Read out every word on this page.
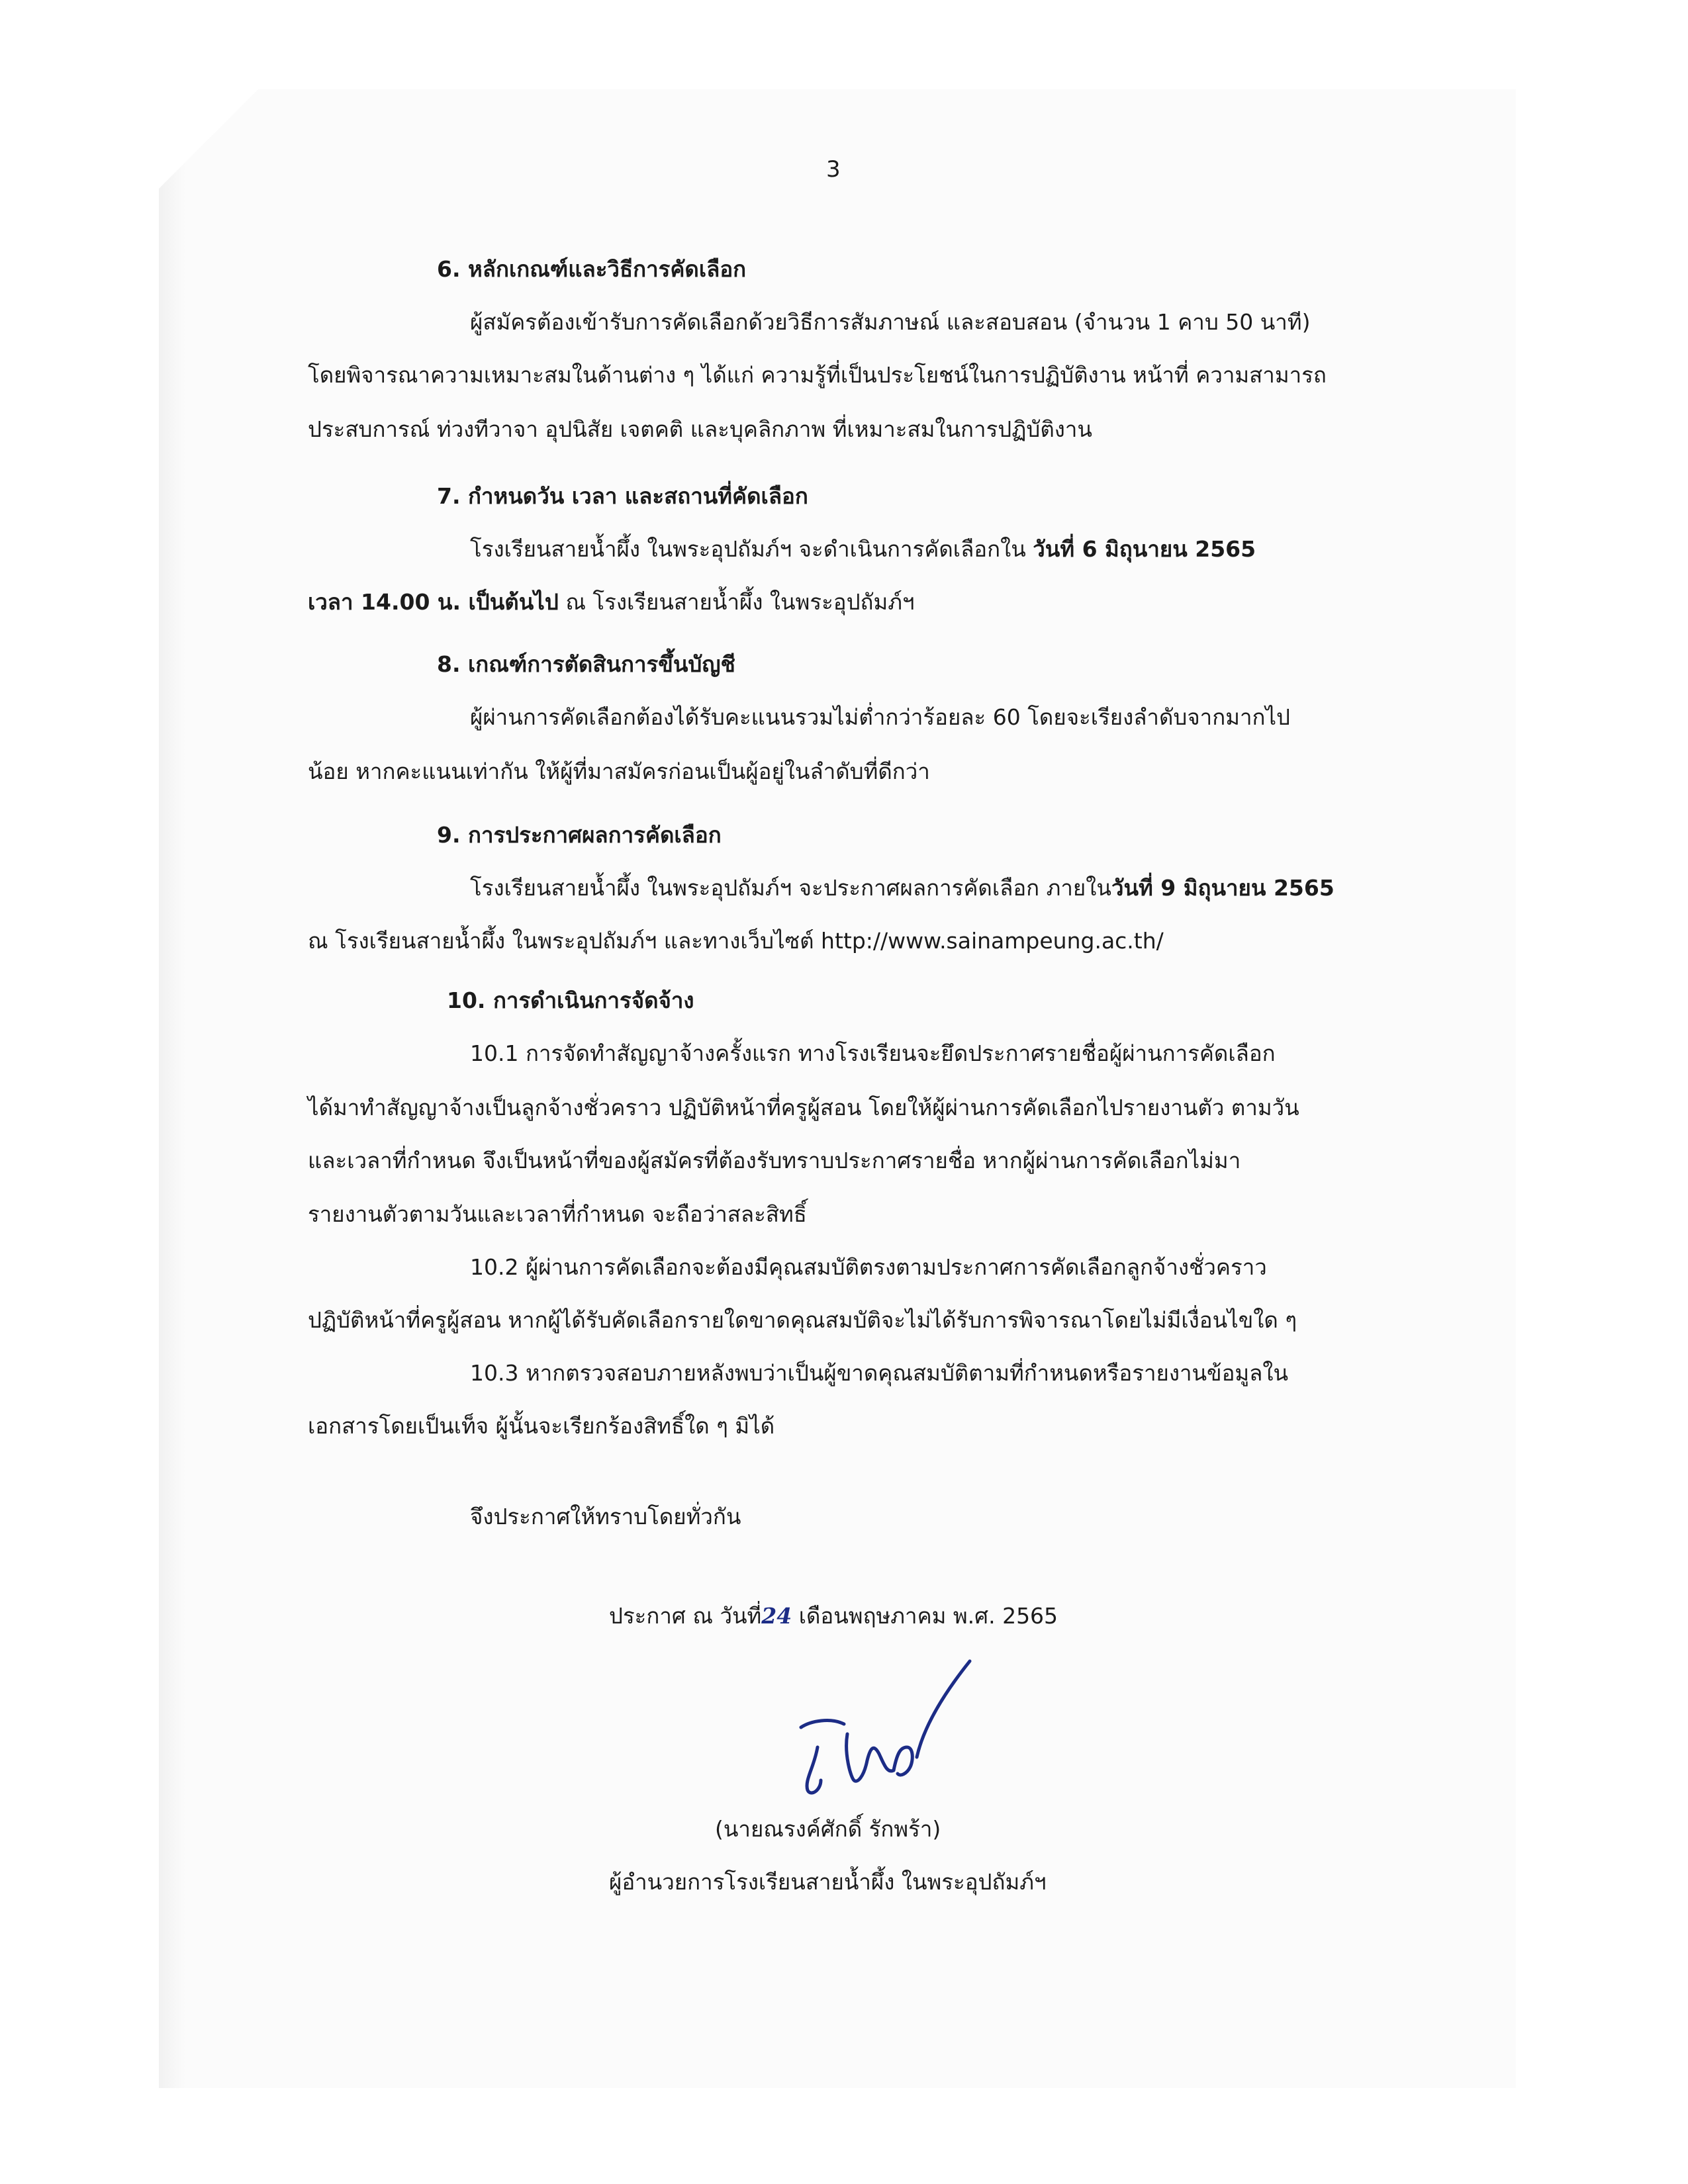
3
6. หลักเกณฑ์และวิธีการคัดเลือก
ผู้สมัครต้องเข้ารับการคัดเลือกด้วยวิธีการสัมภาษณ์ และสอบสอน (จำนวน 1 คาบ 50 นาที)
โดยพิจารณาความเหมาะสมในด้านต่าง ๆ ได้แก่ ความรู้ที่เป็นประโยชน์ในการปฏิบัติงาน หน้าที่ ความสามารถ
ประสบการณ์ ท่วงทีวาจา อุปนิสัย เจตคติ และบุคลิกภาพ ที่เหมาะสมในการปฏิบัติงาน
7. กำหนดวัน เวลา และสถานที่คัดเลือก
โรงเรียนสายน้ำผึ้ง ในพระอุปถัมภ์ฯ จะดำเนินการคัดเลือกใน วันที่ 6 มิถุนายน 2565
เวลา 14.00 น. เป็นต้นไป ณ โรงเรียนสายน้ำผึ้ง ในพระอุปถัมภ์ฯ
8. เกณฑ์การตัดสินการขึ้นบัญชี
ผู้ผ่านการคัดเลือกต้องได้รับคะแนนรวมไม่ต่ำกว่าร้อยละ 60 โดยจะเรียงลำดับจากมากไป
น้อย หากคะแนนเท่ากัน ให้ผู้ที่มาสมัครก่อนเป็นผู้อยู่ในลำดับที่ดีกว่า
9. การประกาศผลการคัดเลือก
โรงเรียนสายน้ำผึ้ง ในพระอุปถัมภ์ฯ จะประกาศผลการคัดเลือก ภายในวันที่ 9 มิถุนายน 2565
ณ โรงเรียนสายน้ำผึ้ง ในพระอุปถัมภ์ฯ และทางเว็บไซต์ http://www.sainampeung.ac.th/
10. การดำเนินการจัดจ้าง
10.1 การจัดทำสัญญาจ้างครั้งแรก ทางโรงเรียนจะยึดประกาศรายชื่อผู้ผ่านการคัดเลือก
ได้มาทำสัญญาจ้างเป็นลูกจ้างชั่วคราว ปฏิบัติหน้าที่ครูผู้สอน โดยให้ผู้ผ่านการคัดเลือกไปรายงานตัว ตามวัน
และเวลาที่กำหนด จึงเป็นหน้าที่ของผู้สมัครที่ต้องรับทราบประกาศรายชื่อ หากผู้ผ่านการคัดเลือกไม่มา
รายงานตัวตามวันและเวลาที่กำหนด จะถือว่าสละสิทธิ์
10.2 ผู้ผ่านการคัดเลือกจะต้องมีคุณสมบัติตรงตามประกาศการคัดเลือกลูกจ้างชั่วคราว
ปฏิบัติหน้าที่ครูผู้สอน หากผู้ได้รับคัดเลือกรายใดขาดคุณสมบัติจะไม่ได้รับการพิจารณาโดยไม่มีเงื่อนไขใด ๆ
10.3 หากตรวจสอบภายหลังพบว่าเป็นผู้ขาดคุณสมบัติตามที่กำหนดหรือรายงานข้อมูลใน
เอกสารโดยเป็นเท็จ ผู้นั้นจะเรียกร้องสิทธิ์ใด ๆ มิได้
จึงประกาศให้ทราบโดยทั่วกัน
ประกาศ ณ วันที่24 เดือนพฤษภาคม พ.ศ. 2565
(นายณรงค์ศักดิ์ รักพร้า)
ผู้อำนวยการโรงเรียนสายน้ำผึ้ง ในพระอุปถัมภ์ฯ
